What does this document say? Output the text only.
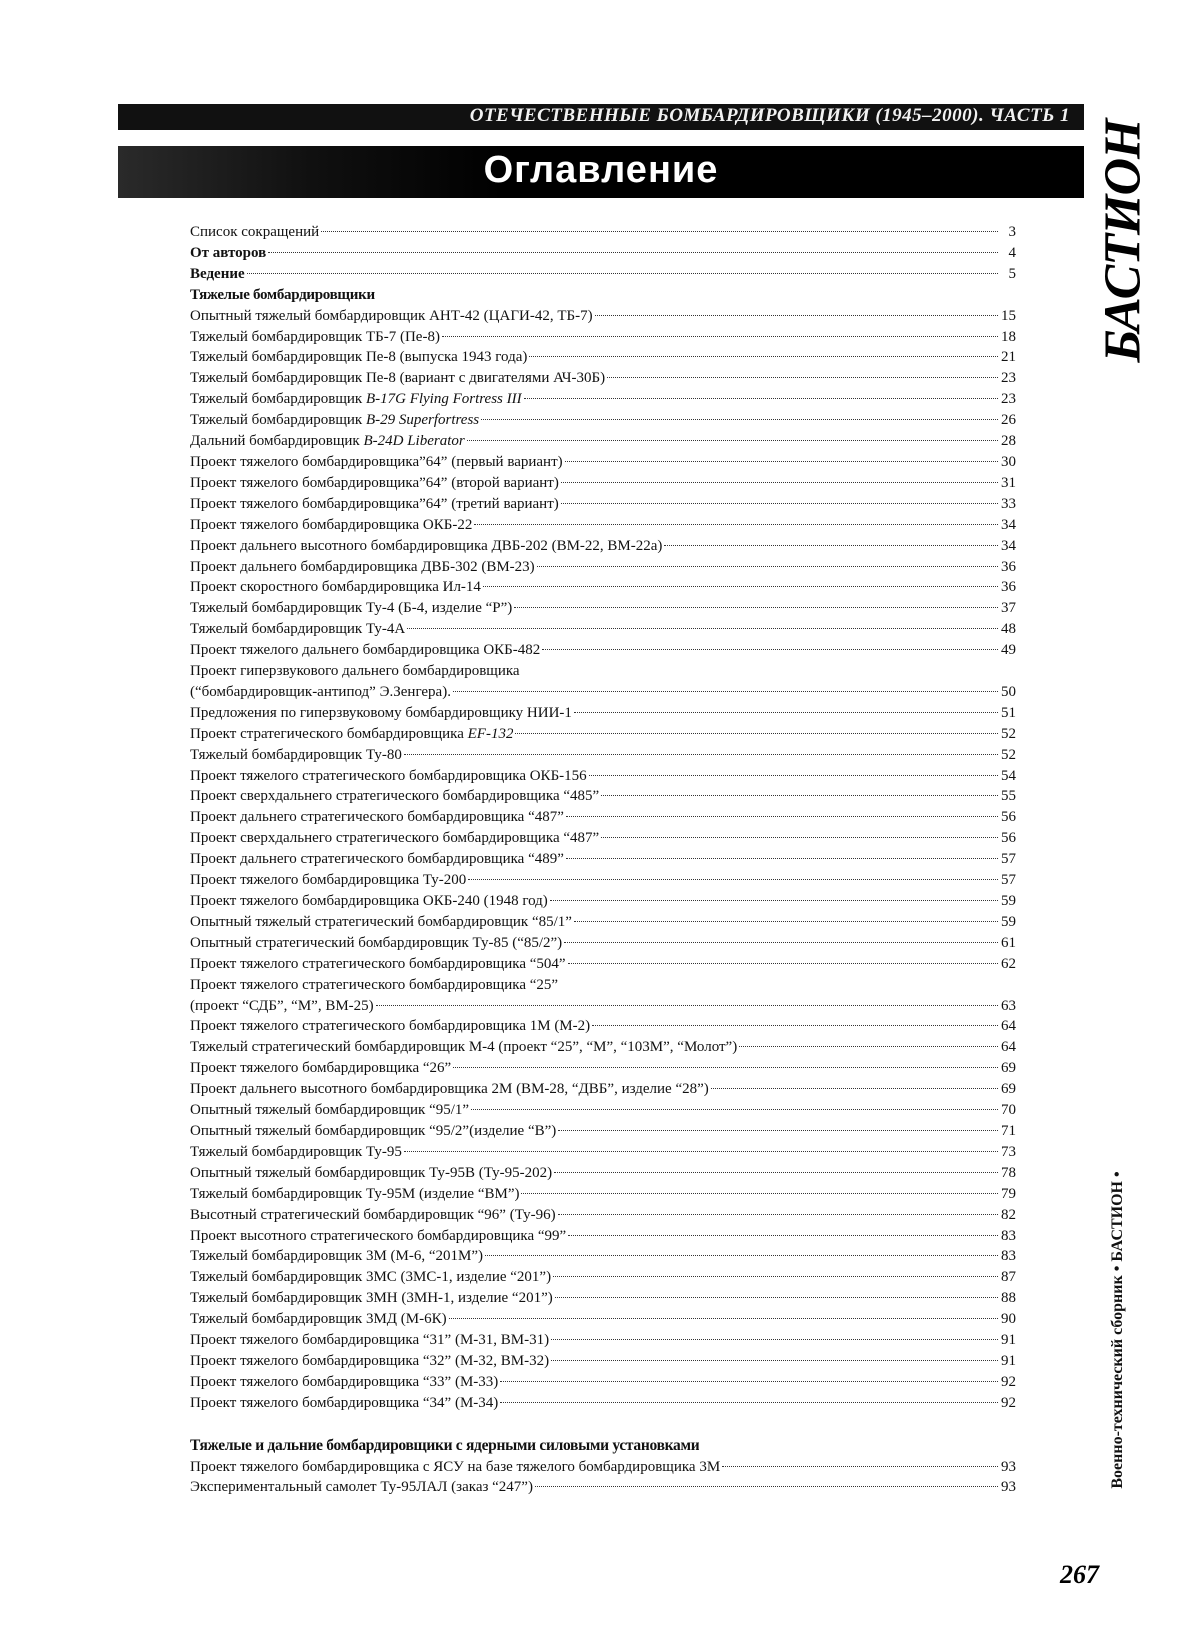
ОТЕЧЕСТВЕННЫЕ БОМБАРДИРОВЩИКИ (1945–2000). ЧАСТЬ 1
Оглавление	БАСТИОН
Военно-технический сборник • БАСТИОН •
Список сокращений	3
От авторов	4
Ведение	5
Тяжелые бомбардировщики
Опытный тяжелый бомбардировщик АНТ-42 (ЦАГИ-42, ТБ-7)	15
Тяжелый бомбардировщик ТБ-7 (Пе-8)	18
Тяжелый бомбардировщик Пе-8 (выпуска 1943 года)	21
Тяжелый бомбардировщик Пе-8 (вариант с двигателями АЧ-30Б)	23
Тяжелый бомбардировщик B-17G Flying Fortress III	23
Тяжелый бомбардировщик B-29 Superfortress	26
Дальний бомбардировщик B-24D Liberator	28
Проект тяжелого бомбардировщика”64” (первый вариант)	30
Проект тяжелого бомбардировщика”64” (второй вариант)	31
Проект тяжелого бомбардировщика”64” (третий вариант)	33
Проект тяжелого бомбардировщика ОКБ-22	34
Проект дальнего высотного бомбардировщика ДВБ-202 (ВМ-22, ВМ-22а)	34
Проект дальнего бомбардировщика ДВБ-302 (ВМ-23)	36
Проект скоростного бомбардировщика Ил-14	36
Тяжелый бомбардировщик Ту-4 (Б-4, изделие “Р”)	37
Тяжелый бомбардировщик Ту-4А	48
Проект тяжелого дальнего бомбардировщика ОКБ-482	49
Проект гиперзвукового дальнего бомбардировщика
(“бомбардировщик-антипод” Э.Зенгера).	50
Предложения по гиперзвуковому бомбардировщику НИИ-1	51
Проект стратегического бомбардировщика EF-132	52
Тяжелый бомбардировщик Ту-80	52
Проект тяжелого стратегического бомбардировщика ОКБ-156	54
Проект сверхдальнего стратегического бомбардировщика “485”	55
Проект дальнего стратегического бомбардировщика “487”	56
Проект сверхдальнего стратегического бомбардировщика “487”	56
Проект дальнего стратегического бомбардировщика “489”	57
Проект тяжелого бомбардировщика Ту-200	57
Проект тяжелого бомбардировщика ОКБ-240 (1948 год)	59
Опытный тяжелый стратегический бомбардировщик “85/1”	59
Опытный стратегический бомбардировщик Ту-85 (“85/2”)	61
Проект тяжелого стратегического бомбардировщика “504”	62
Проект тяжелого стратегического бомбардировщика “25”
(проект “СДБ”, “М”, ВМ-25)	63
Проект тяжелого стратегического бомбардировщика 1М (М-2)	64
Тяжелый стратегический бомбардировщик М-4 (проект “25”, “М”, “103М”, “Молот”)	64
Проект тяжелого бомбардировщика “26”	69
Проект дальнего высотного бомбардировщика 2М (ВМ-28, “ДВБ”, изделие “28”)	69
Опытный тяжелый бомбардировщик “95/1”	70
Опытный тяжелый бомбардировщик “95/2”(изделие “В”)	71
Тяжелый бомбардировщик Ту-95	73
Опытный тяжелый бомбардировщик Ту-95В (Ту-95-202)	78
Тяжелый бомбардировщик Ту-95М (изделие “ВМ”)	79
Высотный стратегический бомбардировщик “96” (Ту-96)	82
Проект высотного стратегического бомбардировщика “99”	83
Тяжелый бомбардировщик 3М (М-6, “201М”)	83
Тяжелый бомбардировщик 3МС (3МС-1, изделие “201”)	87
Тяжелый бомбардировщик 3МН (3МН-1, изделие “201”)	88
Тяжелый бомбардировщик 3МД (М-6К)	90
Проект тяжелого бомбардировщика “31” (М-31, ВМ-31)	91
Проект тяжелого бомбардировщика “32” (М-32, ВМ-32)	91
Проект тяжелого бомбардировщика “33” (М-33)	92
Проект тяжелого бомбардировщика “34” (М-34)	92
Тяжелые и дальние бомбардировщики с ядерными силовыми установками
Проект тяжелого бомбардировщика с ЯСУ на базе тяжелого бомбардировщика 3М	93
Экспериментальный самолет Ту-95ЛАЛ (заказ “247”)	93
267
